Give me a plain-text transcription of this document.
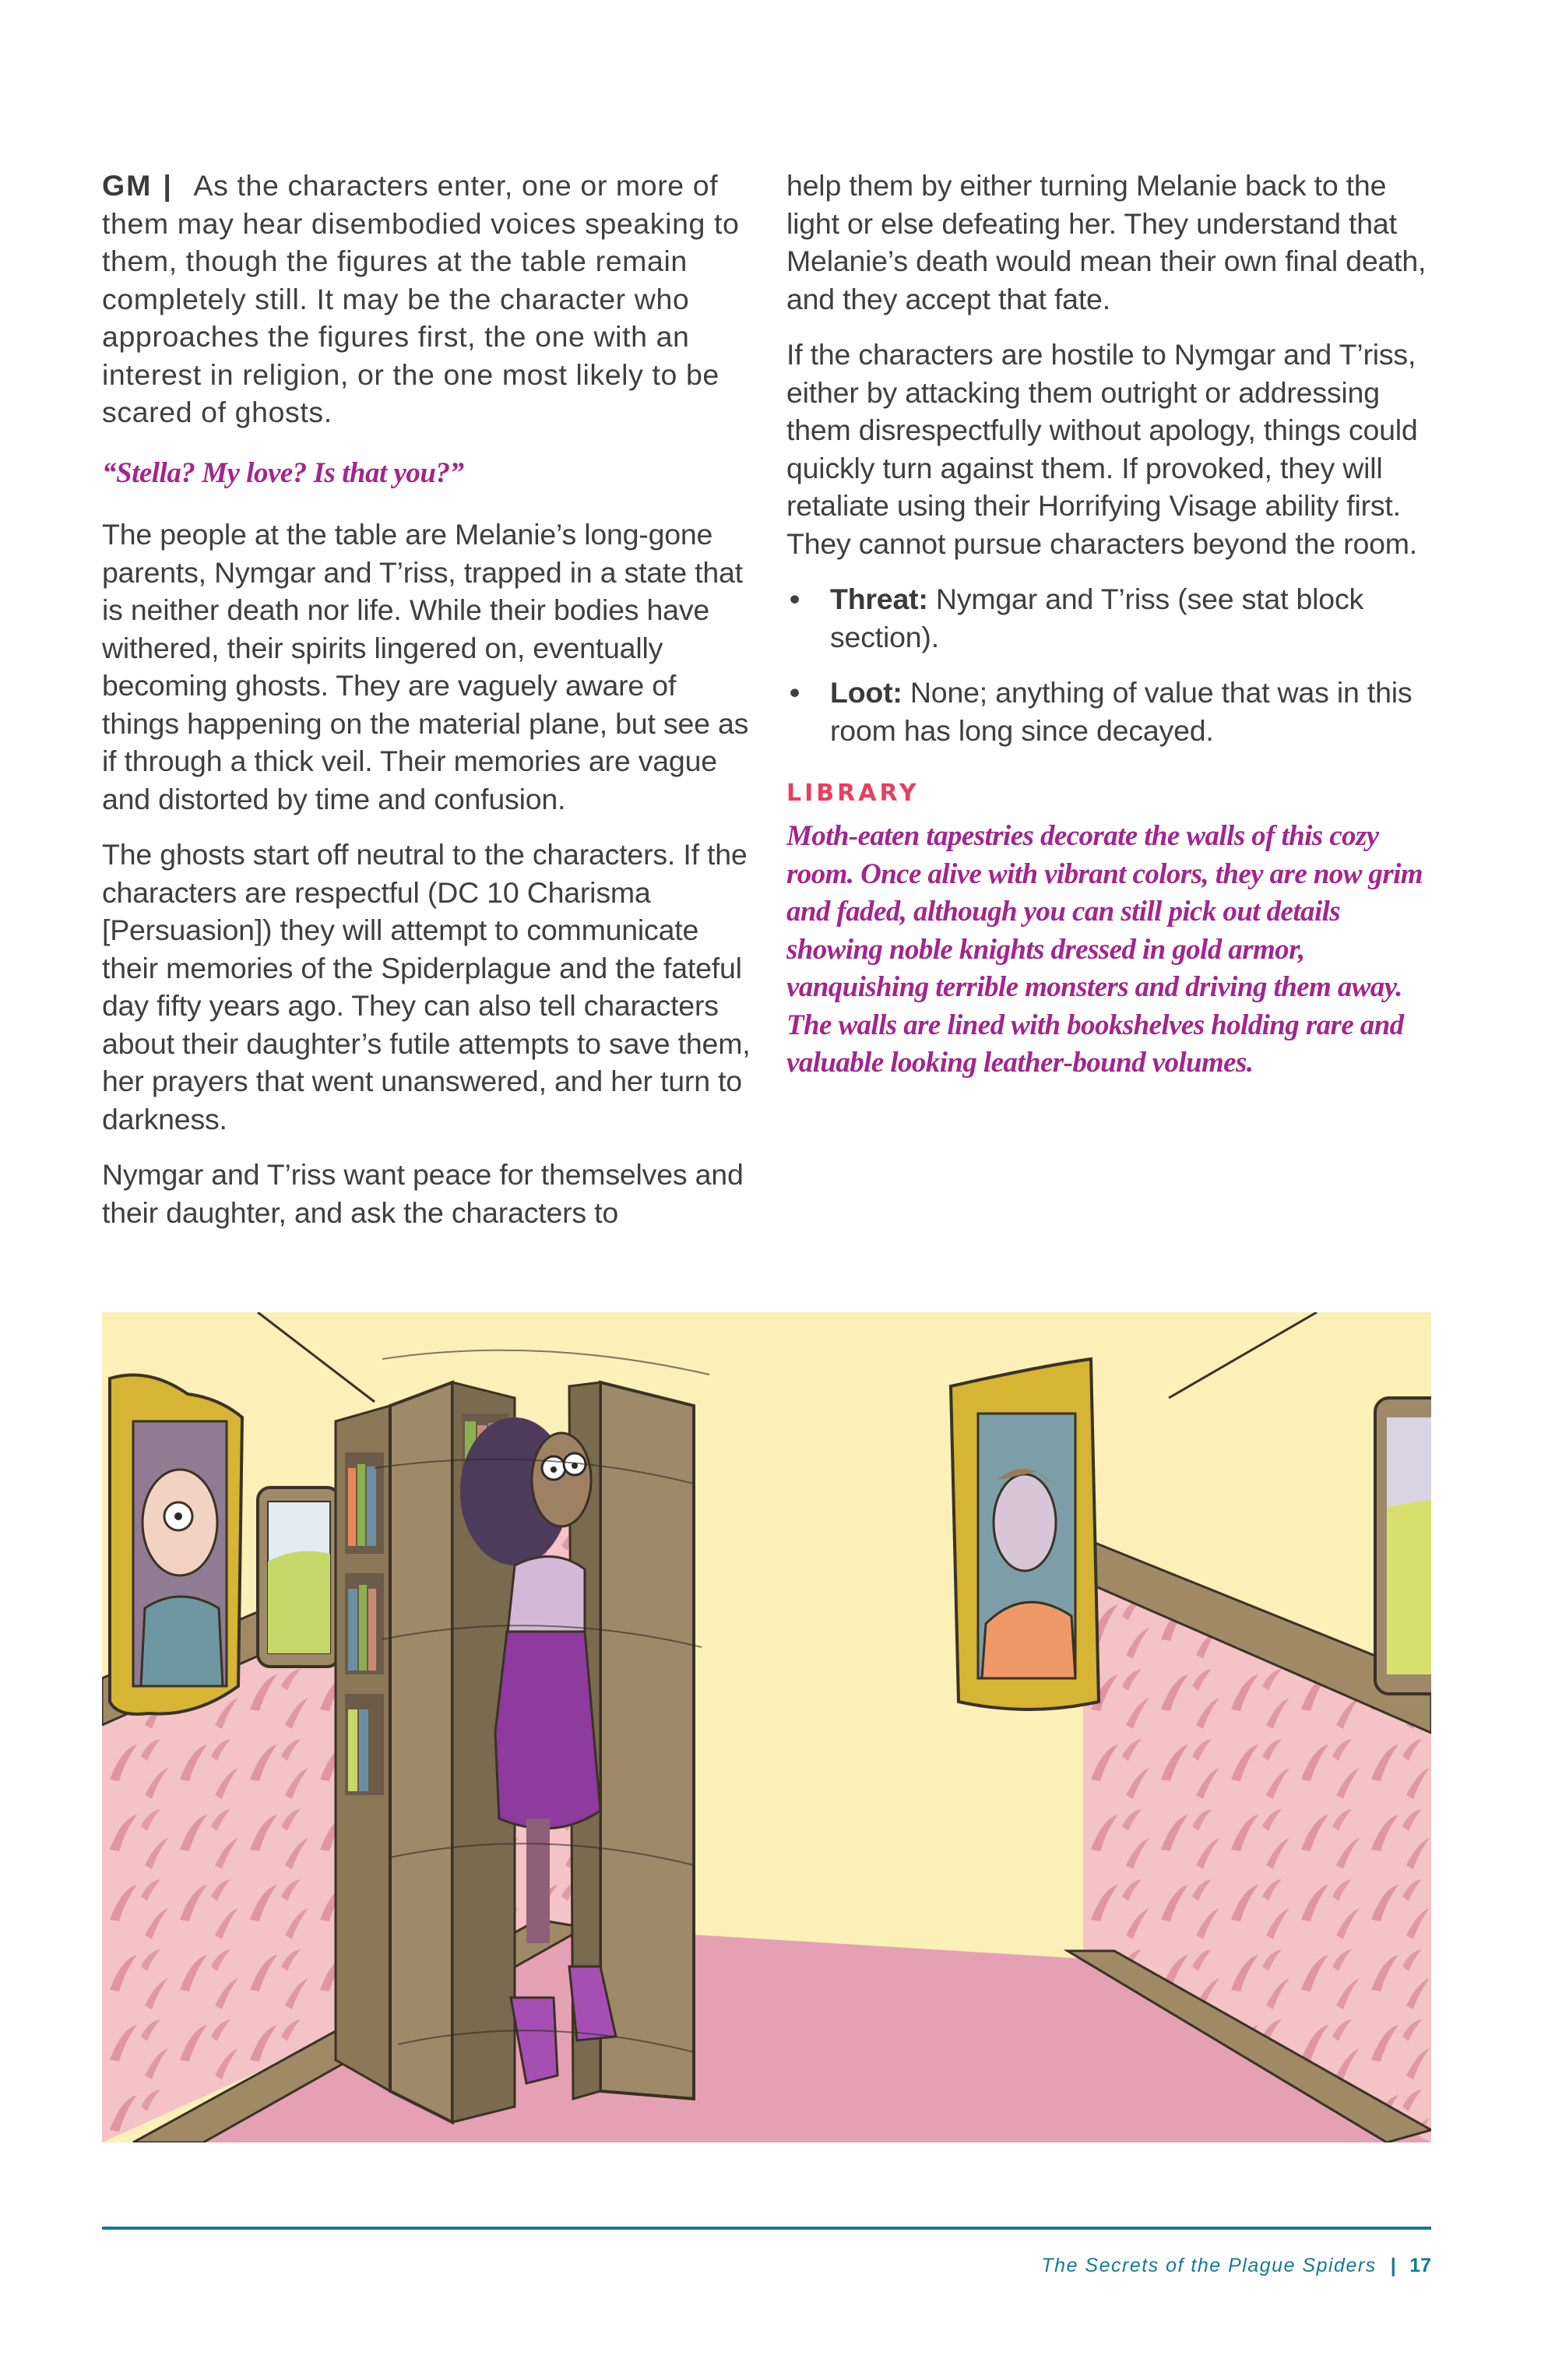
GM | As the characters enter, one or more of them may hear disembodied voices speaking to them, though the figures at the table remain completely still. It may be the character who approaches the figures first, the one with an interest in religion, or the one most likely to be scared of ghosts.

“Stella? My love? Is that you?”

The people at the table are Melanie’s long-gone parents, Nymgar and T’riss, trapped in a state that is neither death nor life. While their bodies have withered, their spirits lingered on, eventually becoming ghosts. They are vaguely aware of things happening on the material plane, but see as if through a thick veil. Their memories are vague and distorted by time and confusion.

The ghosts start off neutral to the characters. If the characters are respectful (DC 10 Charisma [Persuasion]) they will attempt to communicate their memories of the Spiderplague and the fateful day fifty years ago. They can also tell characters about their daughter’s futile attempts to save them, her prayers that went unanswered, and her turn to darkness.

Nymgar and T’riss want peace for themselves and their daughter, and ask the characters to

help them by either turning Melanie back to the light or else defeating her. They understand that Melanie’s death would mean their own final death, and they accept that fate.

If the characters are hostile to Nymgar and T’riss, either by attacking them outright or addressing them disrespectfully without apology, things could quickly turn against them. If provoked, they will retaliate using their Horrifying Visage ability first. They cannot pursue characters beyond the room.

• Threat: Nymgar and T’riss (see stat block section).
• Loot: None; anything of value that was in this room has long since decayed.
LIBRARY

Moth-eaten tapestries decorate the walls of this cozy room. Once alive with vibrant colors, they are now grim and faded, although you can still pick out details showing noble knights dressed in gold armor, vanquishing terrible monsters and driving them away. The walls are lined with bookshelves holding rare and valuable looking leather-bound volumes.

The Secrets of the Plague Spiders | 17
